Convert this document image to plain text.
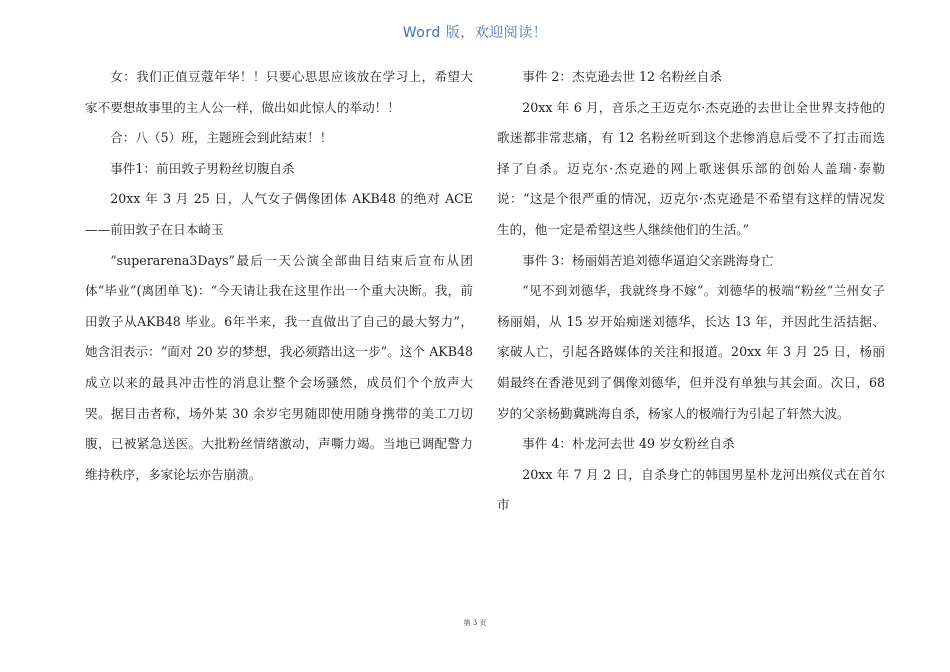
Word 版，欢迎阅读！

女：我们正值豆蔻年华！！只要心思思应该放在学习上，希望大家不要想故事里的主人公一样，做出如此惊人的举动！！

合：八（5）班，主题班会到此结束！！

事件1：前田敦子男粉丝切腹自杀

20xx 年 3 月 25 日，人气女子偶像团体 AKB48 的绝对 ACE——前田敦子在日本崎玉

“superarena3Days”最后一天公演全部曲目结束后宣布从团体“毕业”(离团单飞)：“今天请让我在这里作出一个重大决断。我，前田敦子从AKB48 毕业。6年半来，我一直做出了自己的最大努力”，她含泪表示：“面对 20 岁的梦想，我必须踏出这一步”。这个 AKB48 成立以来的最具冲击性的消息让整个会场骚然，成员们个个放声大哭。据目击者称，场外某 30 余岁宅男随即使用随身携带的美工刀切腹，已被紧急送医。大批粉丝情绪激动，声嘶力竭。当地已调配警力维持秩序，多家论坛亦告崩溃。

事件 2：杰克逊去世 12 名粉丝自杀

20xx 年 6 月，音乐之王迈克尔·杰克逊的去世让全世界支持他的歌迷都非常悲痛，有 12 名粉丝听到这个悲惨消息后受不了打击而选择了自杀。迈克尔·杰克逊的网上歌迷俱乐部的创始人盖瑞·泰勒说：“这是个很严重的情况，迈克尔·杰克逊是不希望有这样的情况发生的，他一定是希望这些人继续他们的生活。”

事件 3：杨丽娟苦追刘德华逼迫父亲跳海身亡

“见不到刘德华，我就终身不嫁”。刘德华的极端“粉丝”兰州女子杨丽娟，从 15 岁开始痴迷刘德华，长达 13 年，并因此生活拮据、家破人亡，引起各路媒体的关注和报道。20xx 年 3 月 25 日，杨丽娟最终在香港见到了偶像刘德华，但并没有单独与其会面。次日，68 岁的父亲杨勤冀跳海自杀，杨家人的极端行为引起了轩然大波。

事件 4：朴龙河去世 49 岁女粉丝自杀

20xx 年 7 月 2 日，自杀身亡的韩国男星朴龙河出殡仪式在首尔市

第 3 页
